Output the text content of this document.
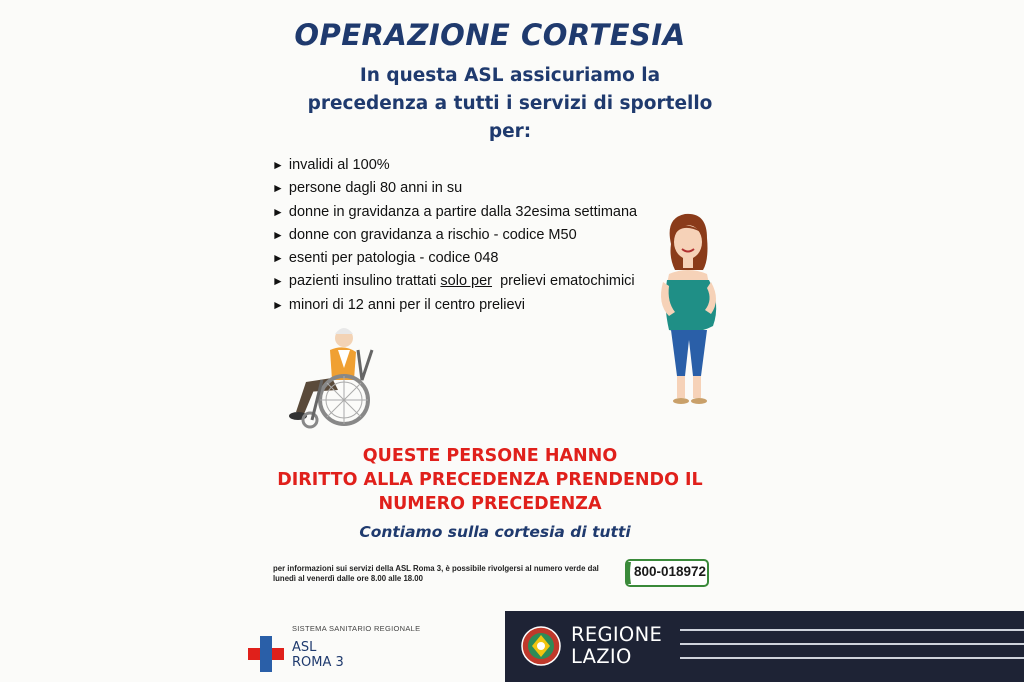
OPERAZIONE CORTESIA
In questa ASL assicuriamo la
precedenza a tutti i servizi di sportello
per:
► invalidi al 100%
► persone dagli 80 anni in su
► donne in gravidanza a partire dalla 32esima settimana
► donne con gravidanza a rischio - codice M50
► esenti per patologia - codice 048
► pazienti insulino trattati solo per  prelievi ematochimici
► minori di 12 anni per il centro prelievi
QUESTE PERSONE HANNO
DIRITTO ALLA PRECEDENZA PRENDENDO IL
NUMERO PRECEDENZA
Contiamo sulla cortesia di tutti
per informazioni sui servizi della ASL Roma 3, è possibile rivolgersi al numero verde dal lunedì al venerdì dalle ore 8.00 alle 18.00	800-018972
SISTEMA SANITARIO REGIONALE
ASL
ROMA 3
REGIONE
LAZIO
